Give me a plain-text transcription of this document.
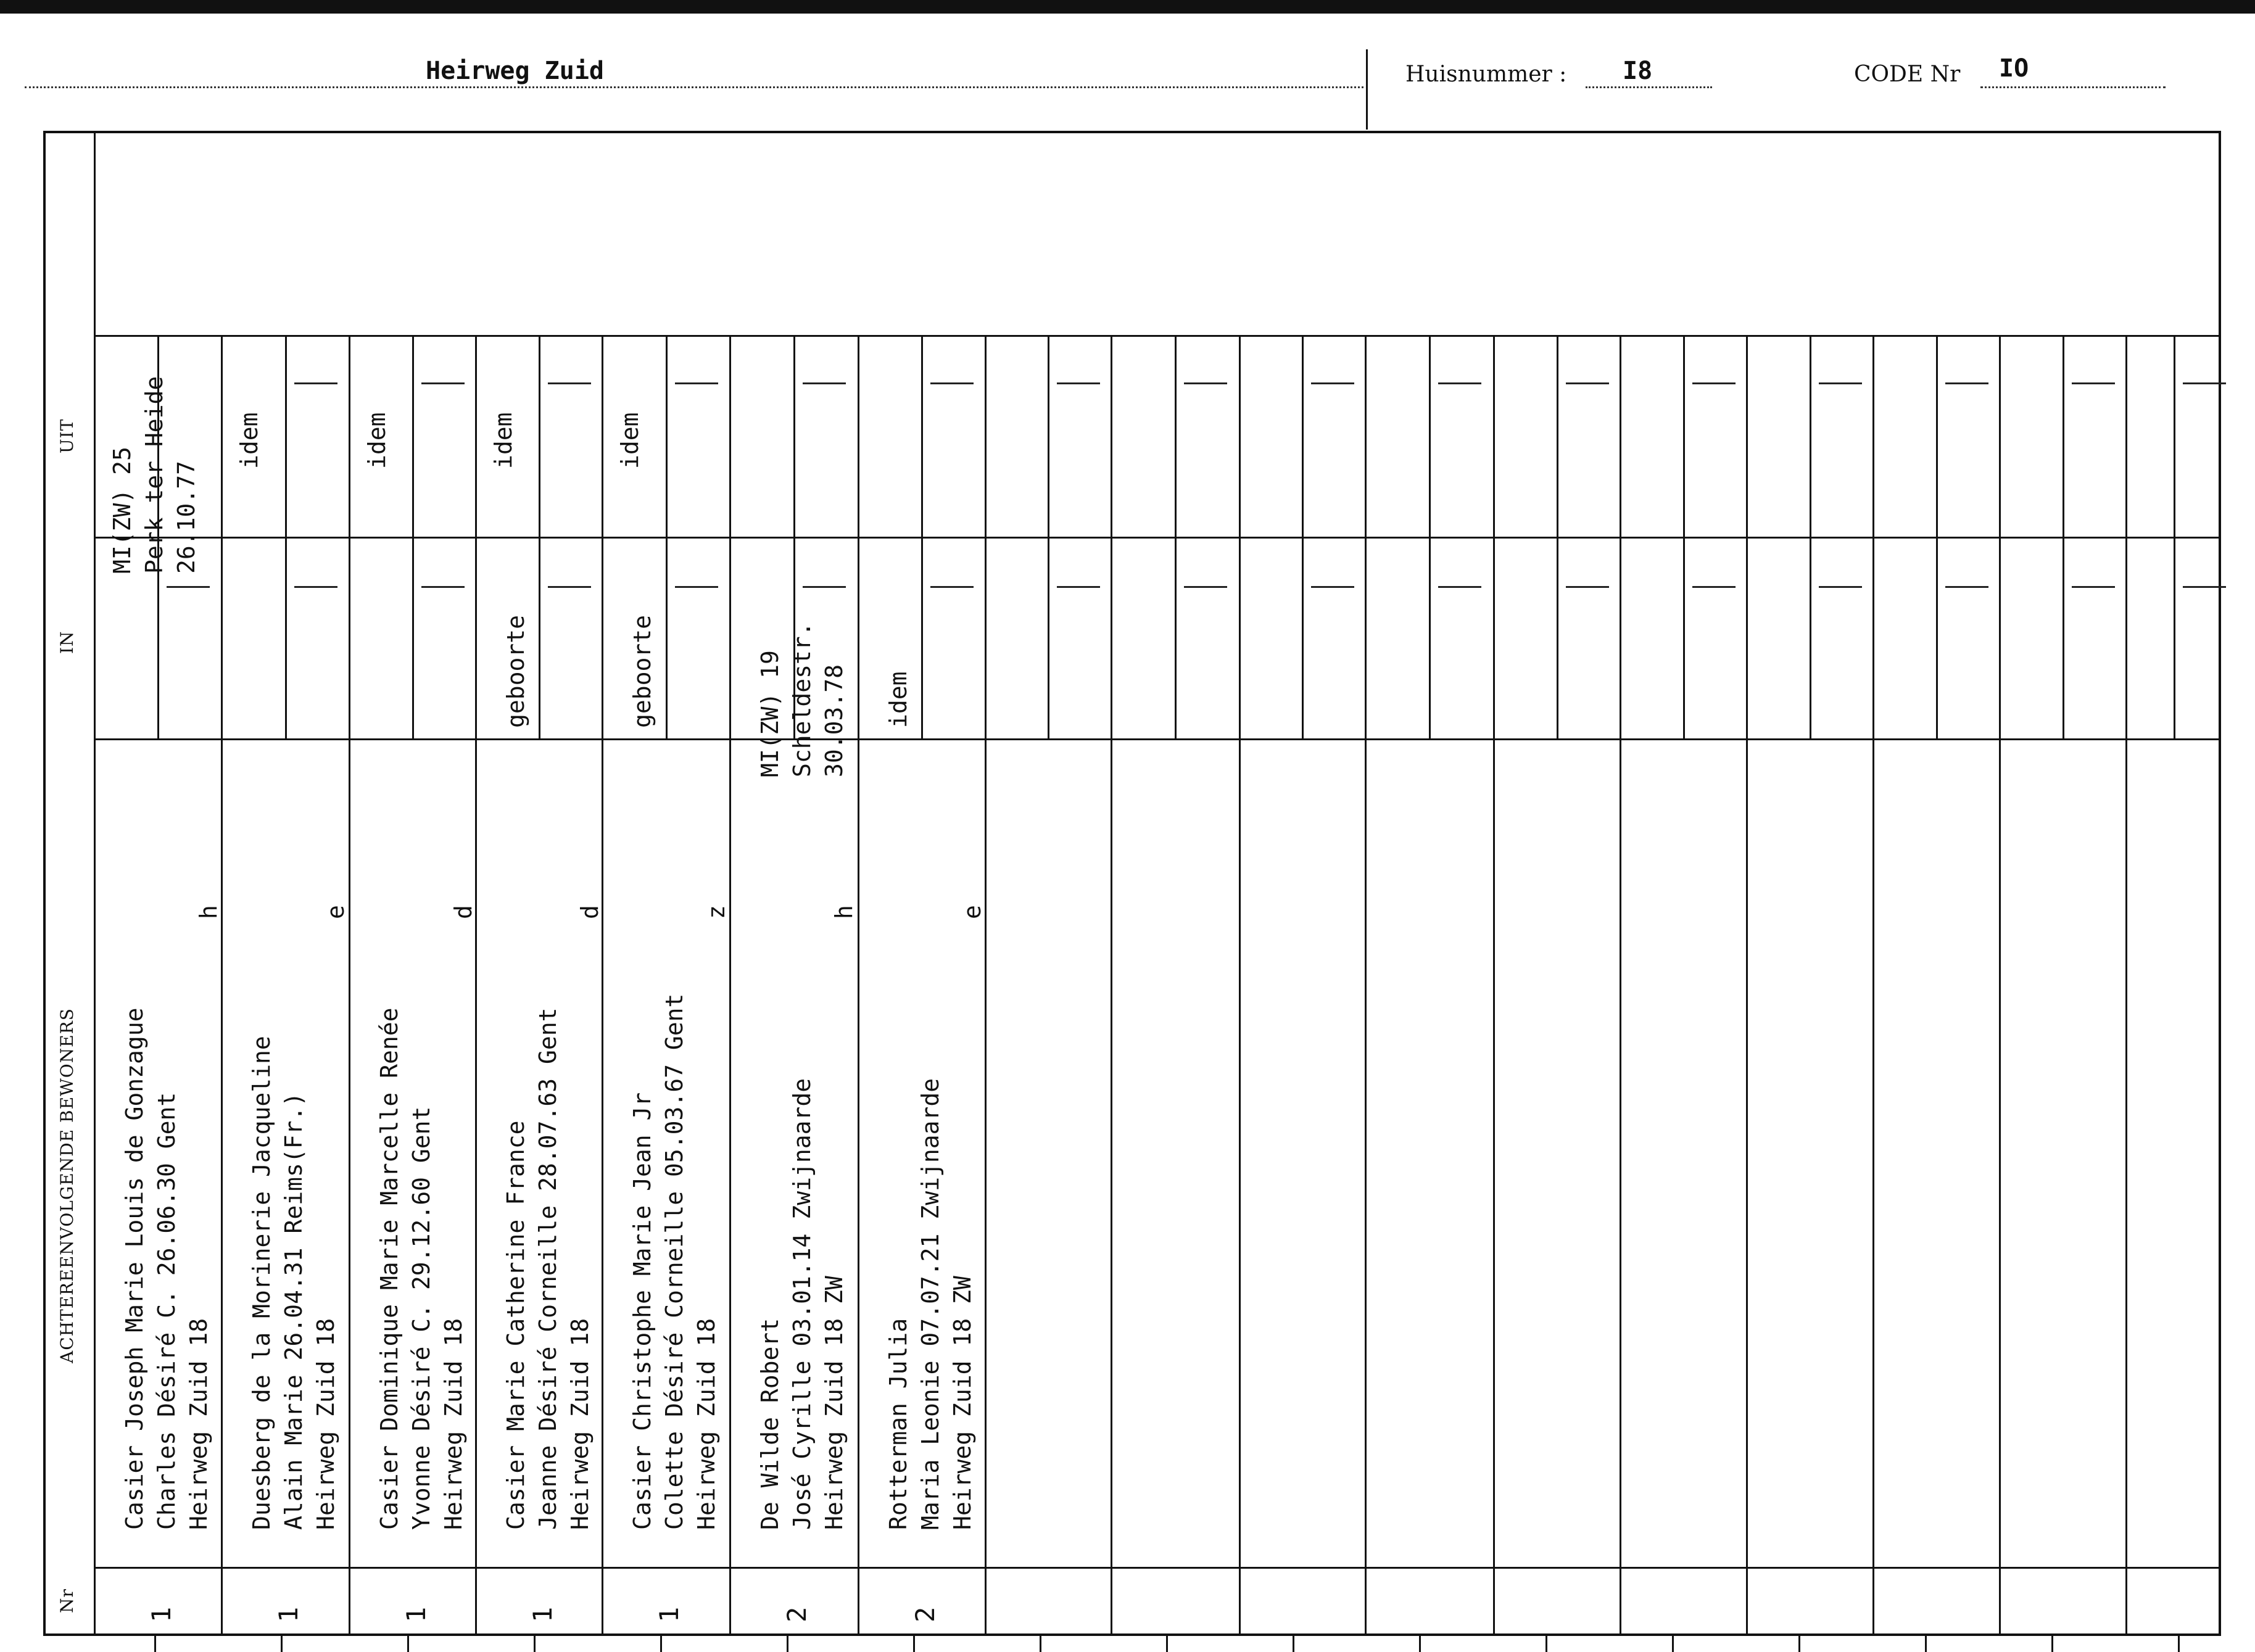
Heirweg Zuid	Huisnummer : I8	CODE Nr IO
UIT
IN
ACHTEREENVOLGENDE BEWONERS
Nr
1
Casier Joseph Marie Louis de Gonzague Charles Désiré C. 26.06.30 Gent Heirweg Zuid 18
h
MI(ZW) 25 Perk ter Heide 26.10.77
1
Duesberg de la Morinerie Jacqueline Alain Marie 26.04.31 Reims(Fr.) Heirweg Zuid 18
e
idem
1
Casier Dominique Marie Marcelle Renée Yvonne Désiré C. 29.12.60 Gent Heirweg Zuid 18
d
idem
1
Casier Marie Catherine France Jeanne Désiré Corneille 28.07.63 Gent Heirweg Zuid 18
d
geboorte
idem
1
Casier Christophe Marie Jean Jr Colette Désiré Corneille 05.03.67 Gent Heirweg Zuid 18
z
geboorte
idem
2
De Wilde Robert José Cyrille 03.01.14 Zwijnaarde Heirweg Zuid 18 ZW
h
MI(ZW) 19 Scheldestr. 30.03.78
2
Rotterman Julia Maria Leonie 07.07.21 Zwijnaarde Heirweg Zuid 18 ZW
e
idem
